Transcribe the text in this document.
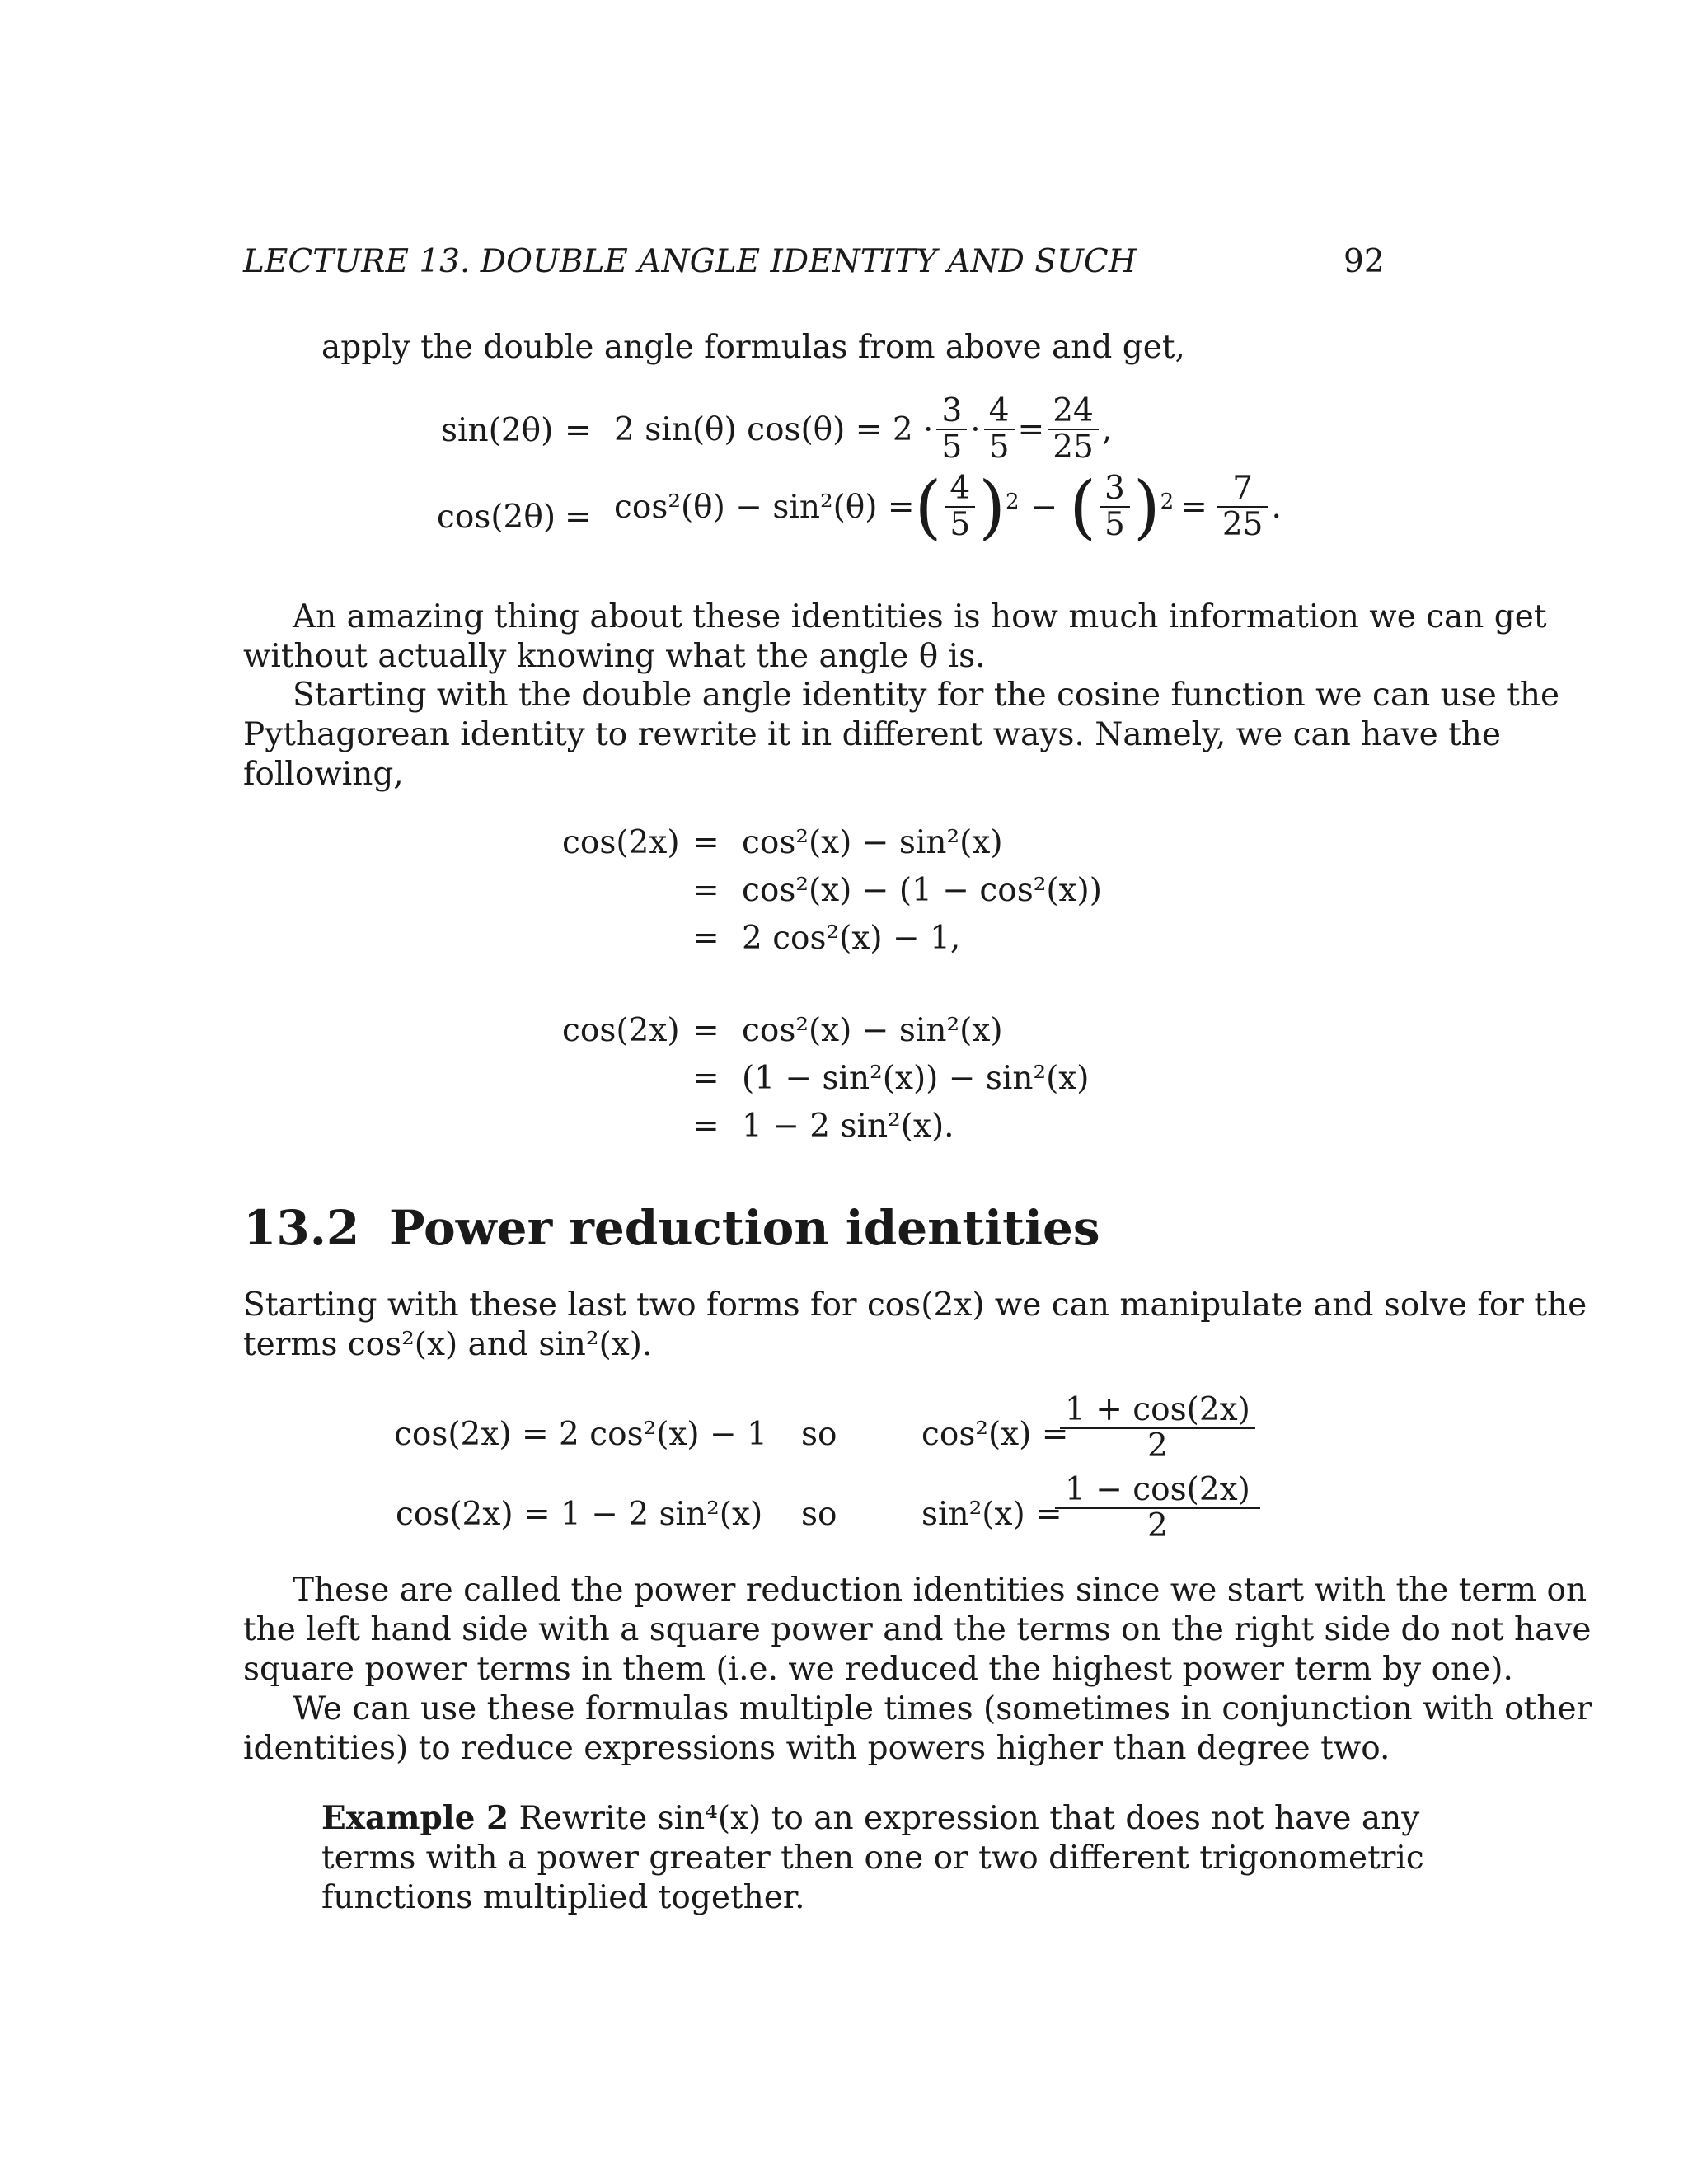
LECTURE 13. DOUBLE ANGLE IDENTITY AND SUCH	92
apply the double angle formulas from above and get,
sin(2θ) = 2 sin(θ) $\cos(\theta) = 2 \cdot \frac{3}{5} \cdot \frac{4}{5} = \frac{24}{25}$ ,
cos(2θ) = cos²(θ) − sin²(θ) = ( $\frac{4}{5} )^2$ − ( $\frac{3}{5} )^2 = \frac{7}{25}$ .
An amazing thing about these identities is how much information we can get
without actually knowing what the angle θ is.
Starting with the double angle identity for the cosine function we can use the
Pythagorean identity to rewrite it in different ways. Namely, we can have the
following,
cos(2x) = cos²(x) − sin²(x)
= cos²(x) − (1 − cos²(x))
= 2 cos²(x) − 1,
cos(2x) = cos²(x) − sin²(x)
= (1 − sin²(x)) − sin²(x)
= 1 − 2 sin²(x).
13.2 Power reduction identities
Starting with these last two forms for cos(2x) we can manipulate and solve for the
terms cos²(x) and sin²(x).
cos(2x) = 2 cos²(x) − 1 so	cos²(x) =
$\frac{1 + \cos(2x)}{2}$
cos(2x) = 1 − 2 sin²(x) so	sin²(x) =
$\frac{1 - \cos(2x)}{2}$
These are called the power reduction identities since we start with the term on
the left hand side with a square power and the terms on the right side do not have
square power terms in them (i.e. we reduced the highest power term by one).
We can use these formulas multiple times (sometimes in conjunction with other
identities) to reduce expressions with powers higher than degree two.
Example 2 Rewrite sin⁴(x) to an expression that does not have any
terms with a power greater then one or two different trigonometric
functions multiplied together.
